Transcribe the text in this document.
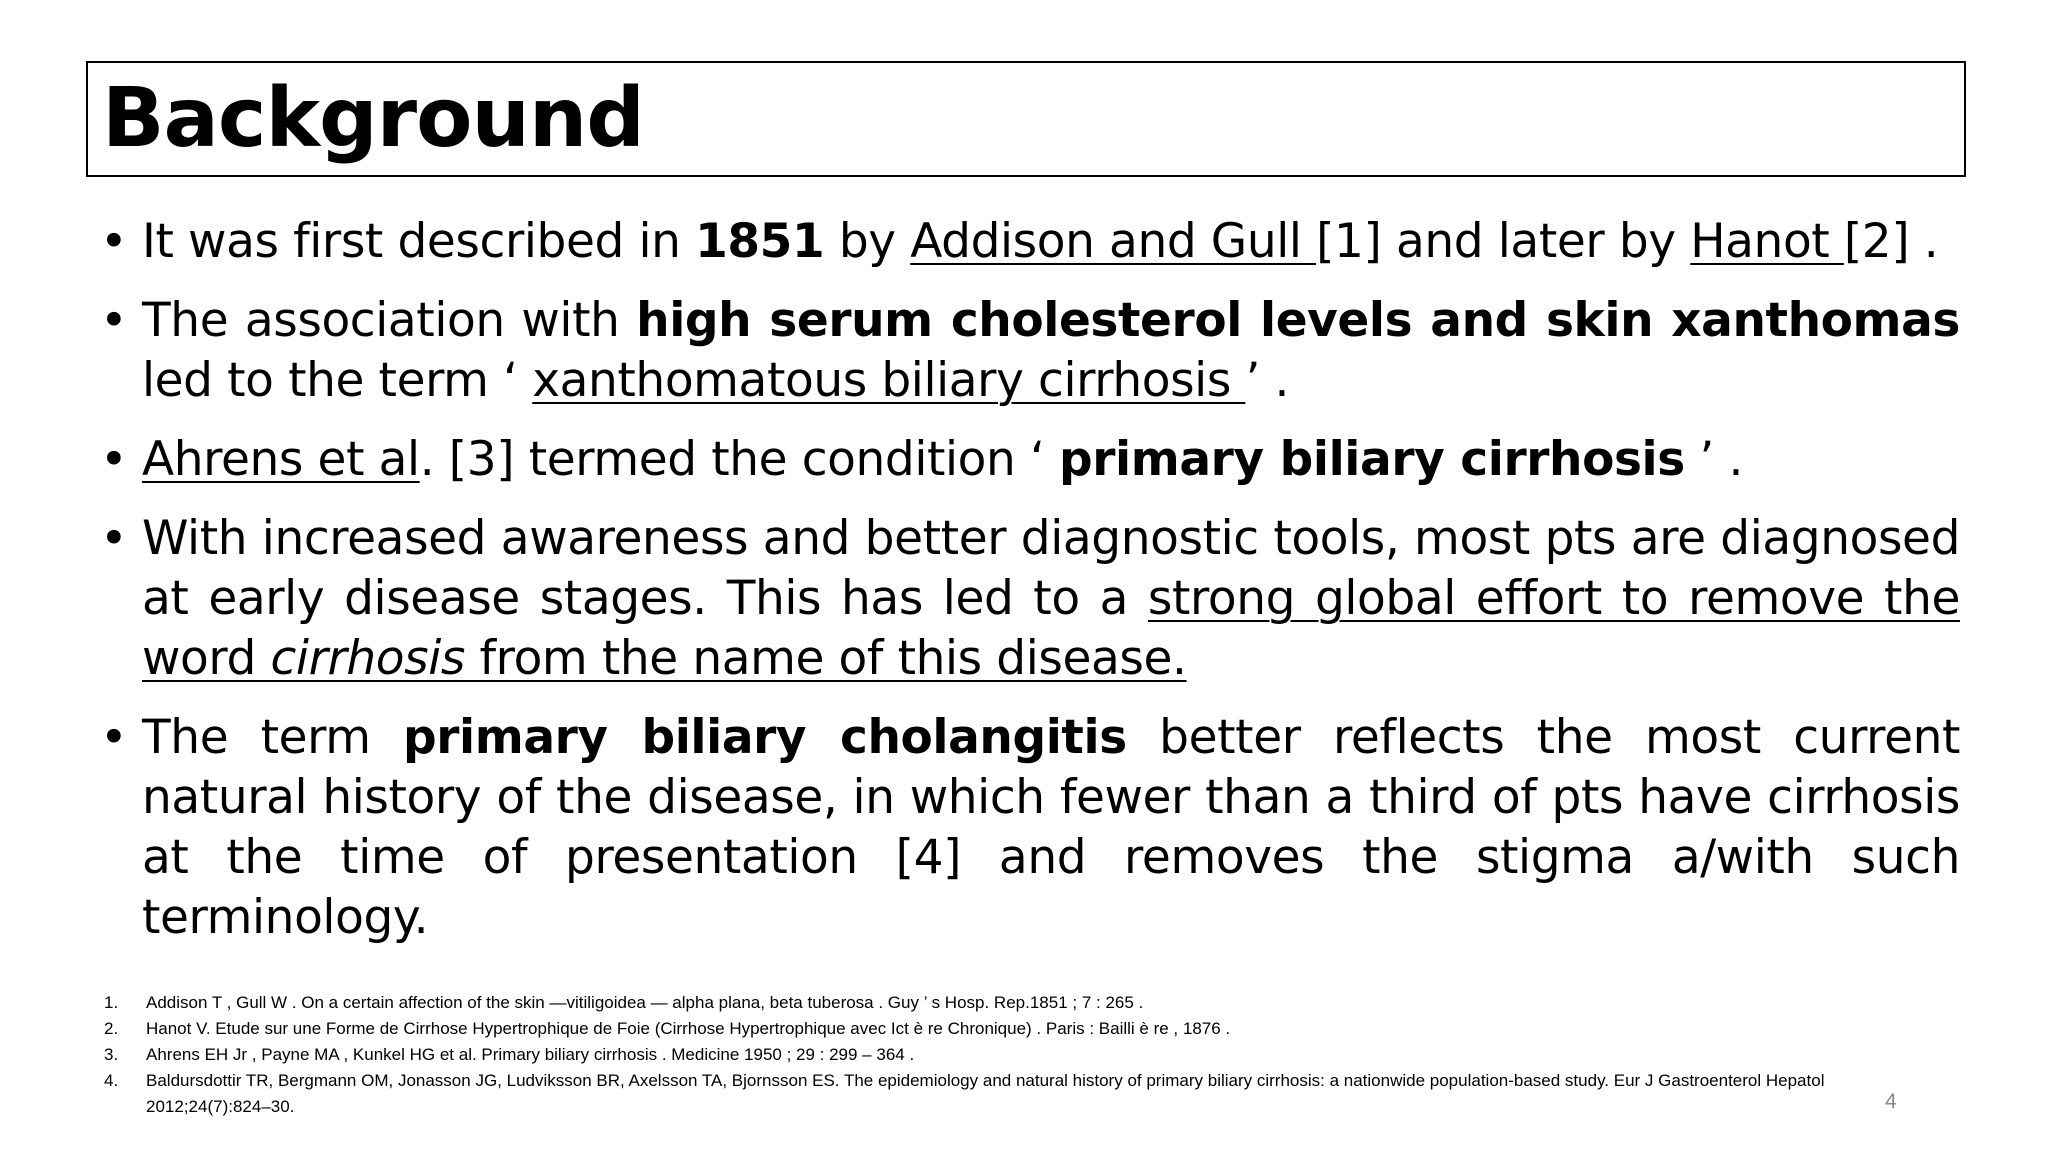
Background
• It was first described in 1851 by Addison and Gull [1] and later by Hanot [2] .
• The association with high serum cholesterol levels and skin xanthomas led to the term ‘ xanthomatous biliary cirrhosis ’ .
• Ahrens et al. [3] termed the condition ‘ primary biliary cirrhosis ’ .
• With increased awareness and better diagnostic tools, most pts are diagnosed at early disease stages. This has led to a strong global effort to remove the word cirrhosis from the name of this disease.
• The term primary biliary cholangitis better reflects the most current natural history of the disease, in which fewer than a third of pts have cirrhosis at the time of presentation [4] and removes the stigma a/with such terminology.
1. Addison T , Gull W . On a certain affection of the skin —vitiligoidea — alpha plana, beta tuberosa . Guy ’ s Hosp. Rep.1851 ; 7 : 265 .
2. Hanot V. Etude sur une Forme de Cirrhose Hypertrophique de Foie (Cirrhose Hypertrophique avec Ict è re Chronique) . Paris : Bailli è re , 1876 .
3. Ahrens EH Jr , Payne MA , Kunkel HG et al. Primary biliary cirrhosis . Medicine 1950 ; 29 : 299 – 364 .
4. Baldursdottir TR, Bergmann OM, Jonasson JG, Ludviksson BR, Axelsson TA, Bjornsson ES. The epidemiology and natural history of primary biliary cirrhosis: a nationwide population-based study. Eur J Gastroenterol Hepatol 2012;24(7):824–30.	4
